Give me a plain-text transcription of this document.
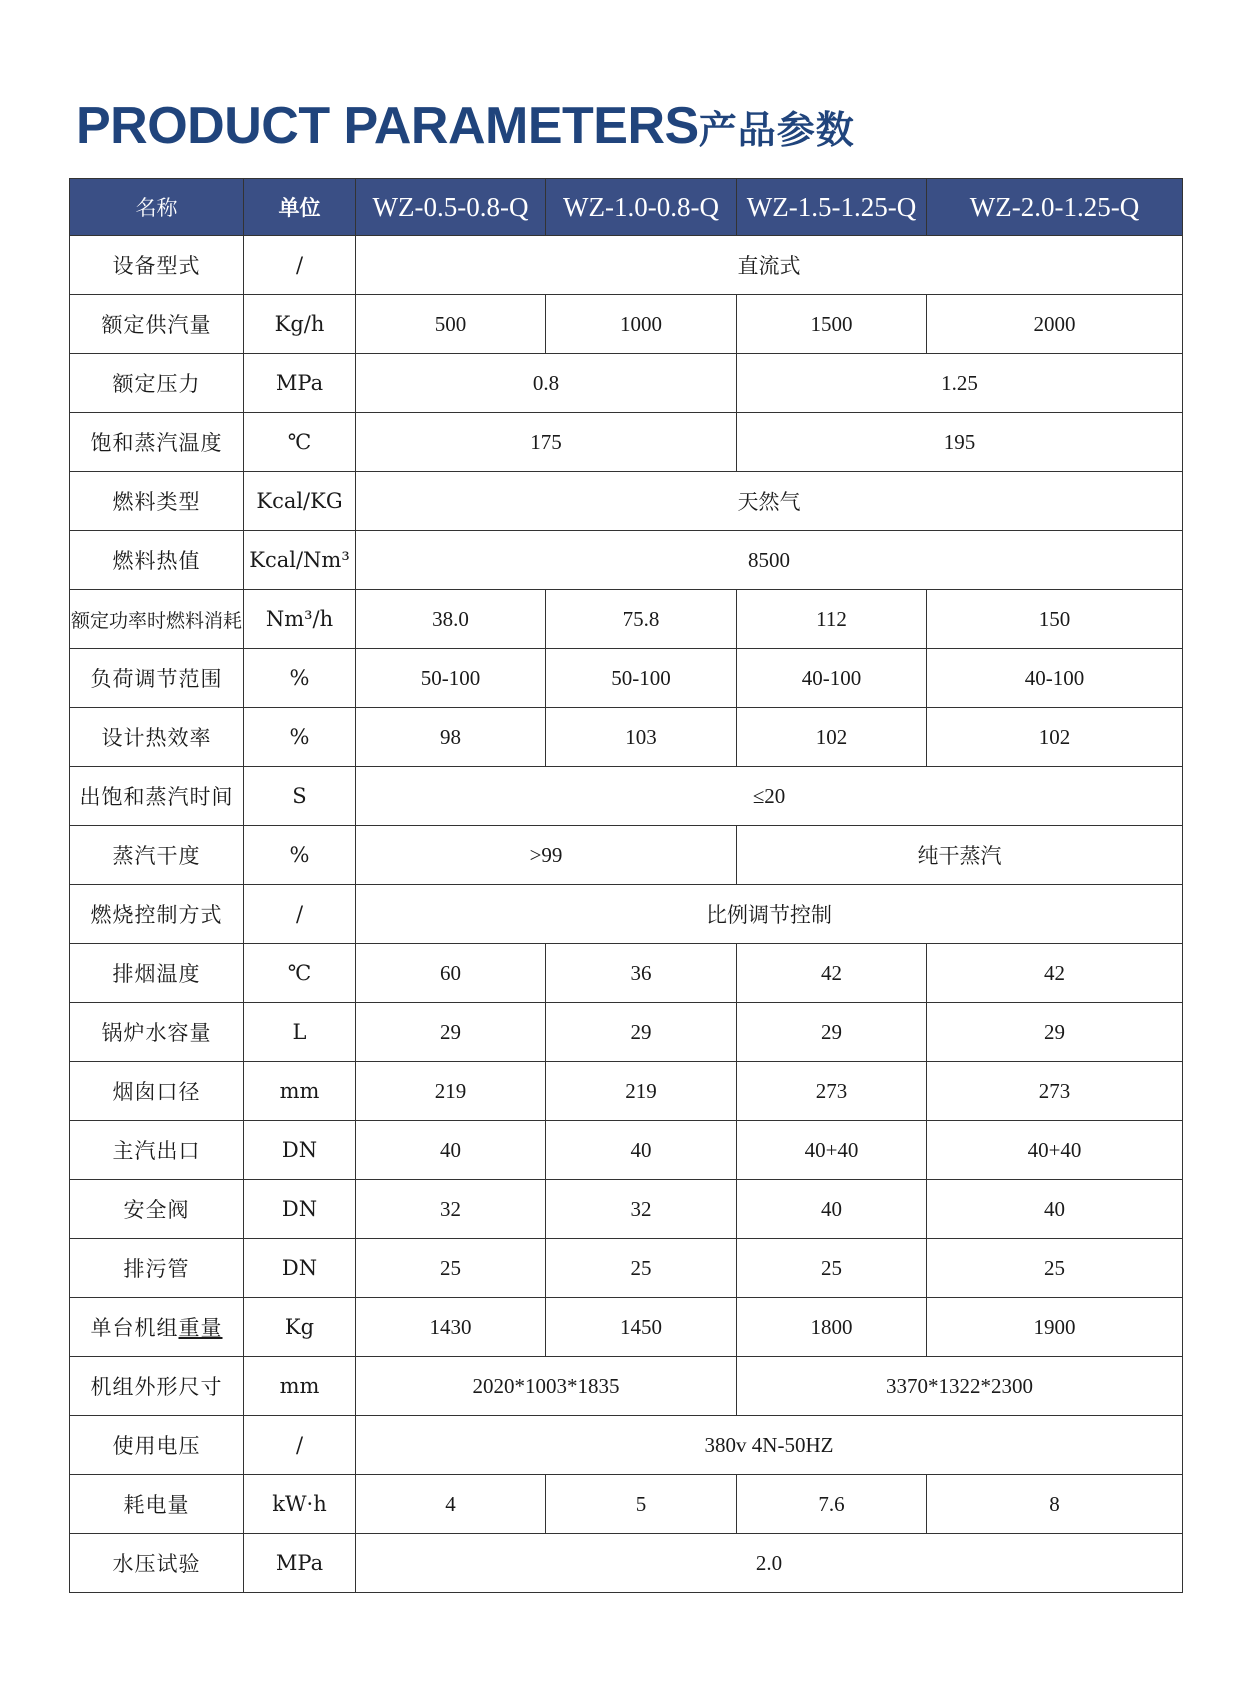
PRODUCT PARAMETERS产品参数
名称	单位	WZ-0.5-0.8-Q	WZ-1.0-0.8-Q	WZ-1.5-1.25-Q	WZ-2.0-1.25-Q
设备型式	/	直流式			
额定供汽量	Kg/h	500	1000	1500	2000
额定压力	MPa	0.8		1.25	
饱和蒸汽温度	℃	175		195	
燃料类型	Kcal/KG	天然气			
燃料热值	Kcal/Nm³	8500			
额定功率时燃料消耗	Nm³/h	38.0	75.8	112	150
负荷调节范围	%	50-100	50-100	40-100	40-100
设计热效率	%	98	103	102	102
出饱和蒸汽时间	S	≤20			
蒸汽干度	%	>99		纯干蒸汽	
燃烧控制方式	/	比例调节控制			
排烟温度	℃	60	36	42	42
锅炉水容量	L	29	29	29	29
烟囱口径	mm	219	219	273	273
主汽出口	DN	40	40	40+40	40+40
安全阀	DN	32	32	40	40
排污管	DN	25	25	25	25
单台机组重量	Kg	1430	1450	1800	1900
机组外形尺寸	mm	2020*1003*1835		3370*1322*2300	
使用电压	/	380v 4N-50HZ			
耗电量	kW·h	4	5	7.6	8
水压试验	MPa	2.0			
